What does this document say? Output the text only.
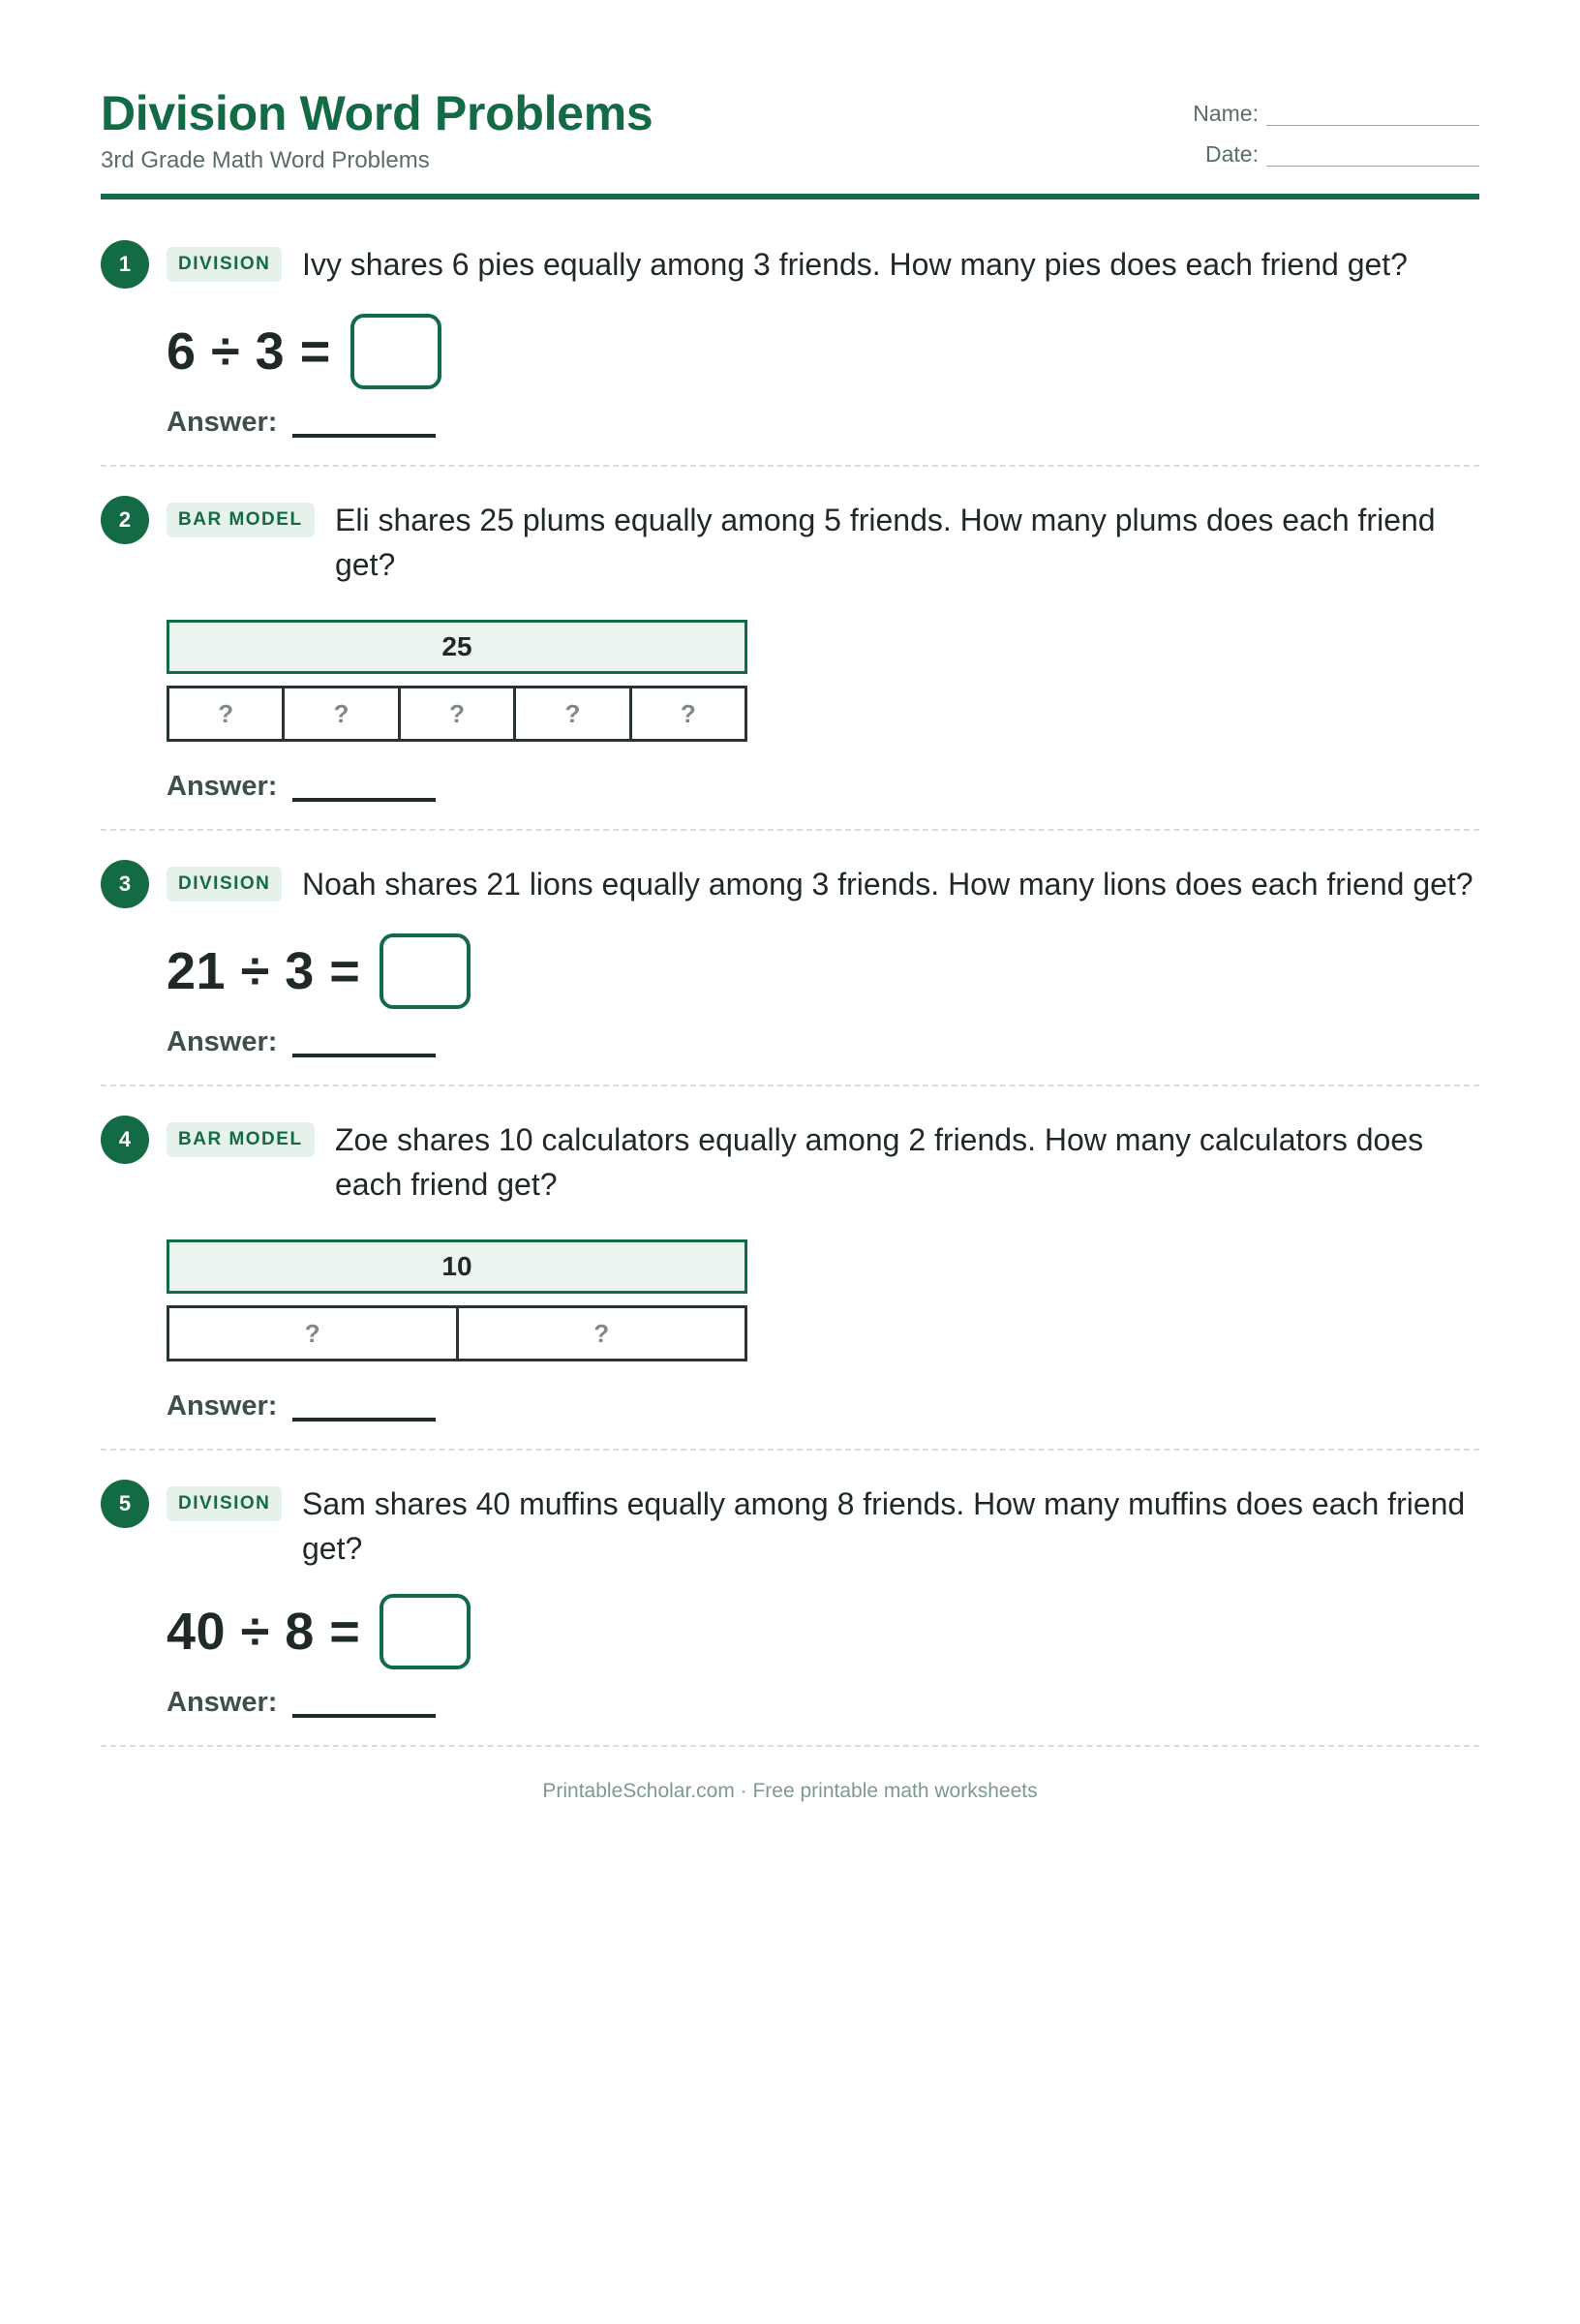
Division Word Problems
3rd Grade Math Word Problems
Name:
Date:
1	DIVISION	Ivy shares 6 pies equally among 3 friends. How many pies does each friend get?
6 ÷ 3 =
Answer:
2	BAR MODEL	Eli shares 25 plums equally among 5 friends. How many plums does each friend get?
25
?	?	?	?	?
Answer:
3	DIVISION	Noah shares 21 lions equally among 3 friends. How many lions does each friend get?
21 ÷ 3 =
Answer:
4	BAR MODEL	Zoe shares 10 calculators equally among 2 friends. How many calculators does each friend get?
10
?	?
Answer:
5	DIVISION	Sam shares 40 muffins equally among 8 friends. How many muffins does each friend get?
40 ÷ 8 =
Answer:
PrintableScholar.com · Free printable math worksheets
